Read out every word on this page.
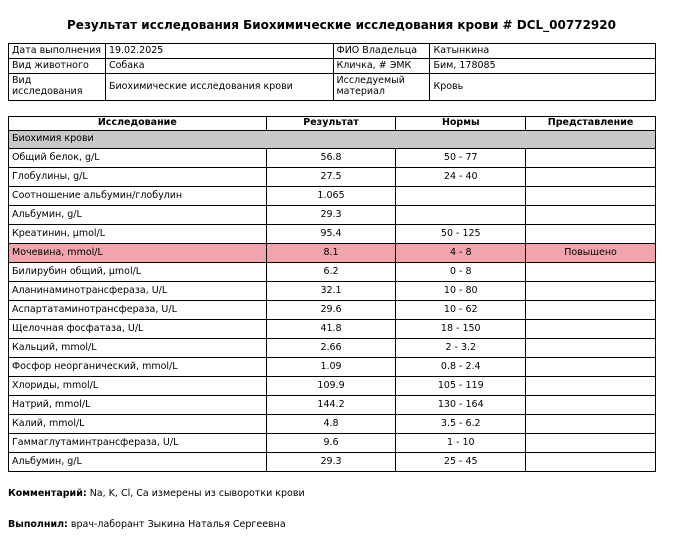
Результат исследования Биохимические исследования крови # DCL_00772920
Дата выполнения	19.02.2025	ФИО Владельца	Катынкина
Вид животного	Собака	Кличка, # ЭМК	Бим, 178085
Вид исследования	Биохимические исследования крови	Исследуемый материал	Кровь
Исследование	Результат	Нормы	Представление
Биохимия крови			
Общий белок, g/L	56.8	50 - 77	
Глобулины, g/L	27.5	24 - 40	
Соотношение альбумин/глобулин	1.065		
Альбумин, g/L	29.3		
Креатинин, μmol/L	95.4	50 - 125	
Мочевина, mmol/L	8.1	4 - 8	Повышено
Билирубин общий, μmol/L	6.2	0 - 8	
Аланинаминотрансфераза, U/L	32.1	10 - 80	
Аспартатаминотрансфераза, U/L	29.6	10 - 62	
Щелочная фосфатаза, U/L	41.8	18 - 150	
Кальций, mmol/L	2.66	2 - 3.2	
Фосфор неорганический, mmol/L	1.09	0.8 - 2.4	
Хлориды, mmol/L	109.9	105 - 119	
Натрий, mmol/L	144.2	130 - 164	
Калий, mmol/L	4.8	3.5 - 6.2	
Гаммаглутаминтрансфераза, U/L	9.6	1 - 10	
Альбумин, g/L	29.3	25 - 45	
Комментарий: Na, K, Cl, Ca измерены из сыворотки крови
Выполнил: врач-лаборант Зыкина Наталья Сергеевна
